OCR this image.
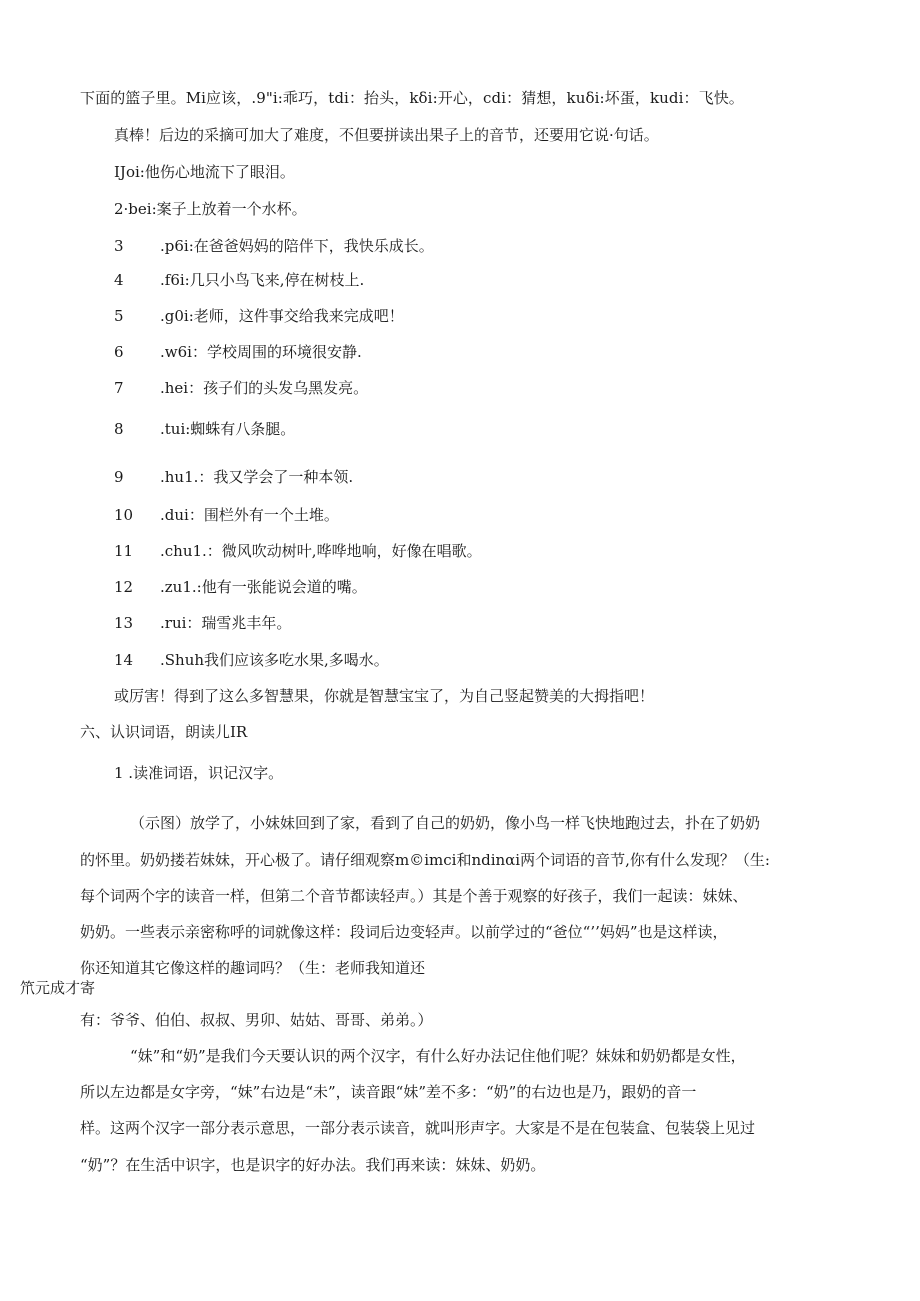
下面的篮子里。Mi应该，.9"i:乖巧，tdi：抬头，kδi:开心，cdi：猜想，kuδi:坏蛋，kudi：飞快。
真棒！后边的采摘可加大了难度，不但要拼读出果子上的音节，还要用它说·句话。
IJoi:他伤心地流下了眼泪。
2·bei:案子上放着一个水杯。
3 .p6i:在爸爸妈妈的陪伴下，我快乐成长。
4 .f6i:几只小鸟飞来,停在树枝上.
5 .g0i:老师，这件事交给我来完成吧！
6 .w6i：学校周围的环境很安静.
7 .hei：孩子们的头发乌黑发亮。
8 .tui:蜘蛛有八条腿。
9 .hu1.：我又学会了一种本领.
10 .dui：围栏外有一个土堆。
11 .chu1.：微风吹动树叶,哗哗地响，好像在唱歌。
12 .zu1.:他有一张能说会道的嘴。
13 .rui：瑞雪兆丰年。
14 .Shuh我们应该多吃水果,多喝水。
或厉害！得到了这么多智慧果，你就是智慧宝宝了，为自己竖起赞美的大拇指吧！
六、认识词语，朗读儿IR
1 .读准词语，识记汉字。
（示图）放学了，小妹妹回到了家，看到了自己的奶奶，像小鸟一样飞快地跑过去，扑在了奶奶
的怀里。奶奶搂若妹妹，开心极了。请仔细观察m©imci和ndinαi两个词语的音节,你有什么发现？（生:
每个词两个字的读音一样，但第二个音节都读轻声。）其是个善于观察的好孩子，我们一起读：妹妹、
奶奶。一些表示亲密称呼的词就像这样：段词后边变轻声。以前学过的“爸位“’’妈妈”也是这样读，
你还知道其它像这样的趣词吗？（生：老师我知道还
笊元成才寄
有：爷爷、伯伯、叔叔、男卯、姑姑、哥哥、弟弟。）
“妹”和“奶”是我们今天要认识的两个汉字，有什么好办法记住他们呢？妹妹和奶奶都是女性，
所以左边都是女字旁，“妹”右边是“未”，读音跟“妹”差不多：“奶”的右边也是乃，跟奶的音一
样。这两个汉字一部分表示意思，一部分表示读音，就叫形声字。大家是不是在包装盒、包装袋上见过
“奶”？在生活中识字，也是识字的好办法。我们再来读：妹妹、奶奶。
